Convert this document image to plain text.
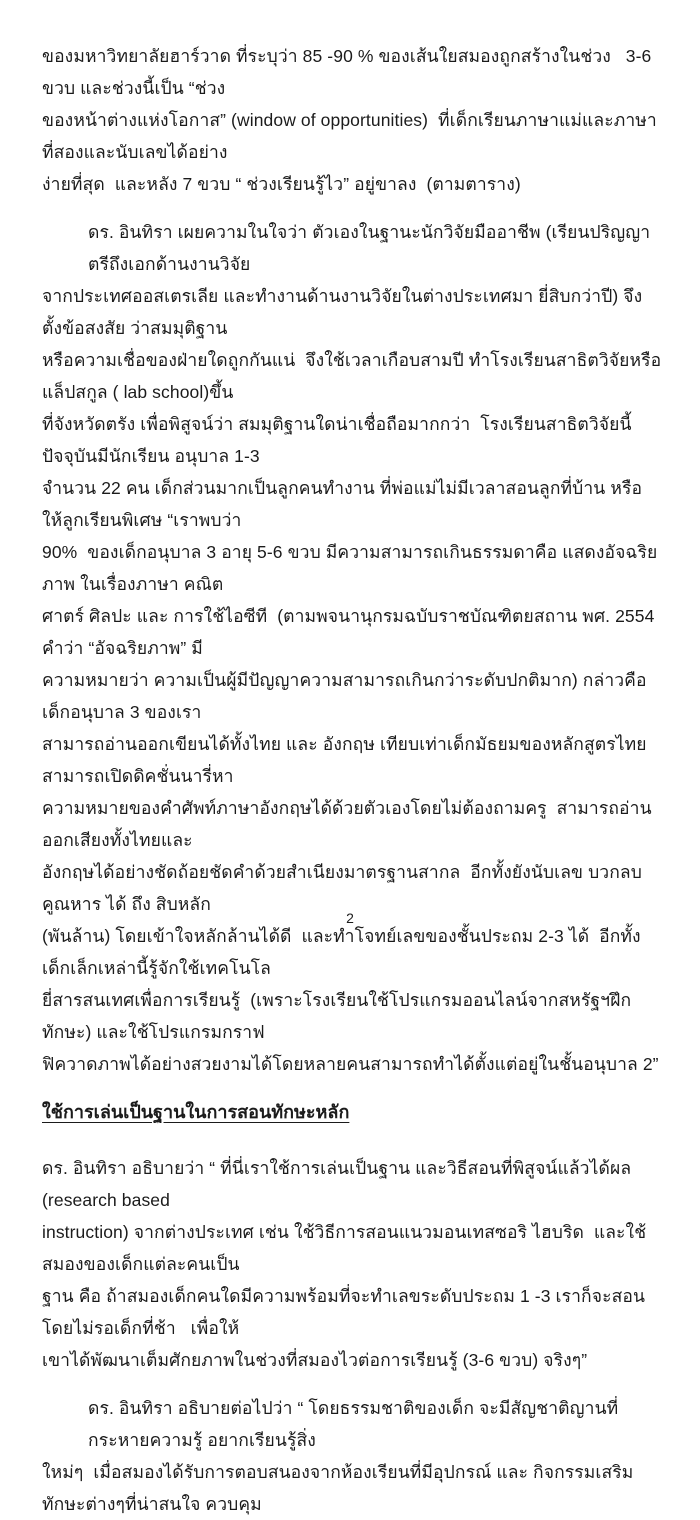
ของมหาวิทยาลัยฮาร์วาด ที่ระบุว่า 85 -90 % ของเส้นใยสมองถูกสร้างในช่วง   3-6 ขวบ และช่วงนี้เป็น “ช่วง
ของหน้าต่างแห่งโอกาส” (window of opportunities)  ที่เด็กเรียนภาษาแม่และภาษาที่สองและนับเลขได้อย่าง
ง่ายที่สุด  และหลัง 7 ขวบ “ ช่วงเรียนรู้ไว” อยู่ขาลง  (ตามตาราง)
ดร. อินทิรา เผยความในใจว่า ตัวเองในฐานะนักวิจัยมืออาชีพ (เรียนปริญญาตรีถึงเอกด้านงานวิจัย
จากประเทศออสเตรเลีย และทำงานด้านงานวิจัยในต่างประเทศมา ยี่สิบกว่าปี) จึงตั้งข้อสงสัย ว่าสมมุติฐาน
หรือความเชื่อของฝ่ายใดถูกกันแน่  จึงใช้เวลาเกือบสามปี ทำโรงเรียนสาธิตวิจัยหรือแล็ปสกูล ( lab school)ขึ้น
ที่จังหวัดตรัง เพื่อพิสูจน์ว่า สมมุติฐานใดน่าเชื่อถือมากกว่า  โรงเรียนสาธิตวิจัยนี้ปัจจุบันมีนักเรียน อนุบาล 1-3
จำนวน 22 คน เด็กส่วนมากเป็นลูกคนทำงาน ที่พ่อแม่ไม่มีเวลาสอนลูกที่บ้าน หรือให้ลูกเรียนพิเศษ “เราพบว่า
90%  ของเด็กอนุบาล 3 อายุ 5-6 ขวบ มีความสามารถเกินธรรมดาคือ แสดงอัจฉริยภาพ ในเรื่องภาษา คณิต
ศาตร์ ศิลปะ และ การใช้ไอซีที  (ตามพจนานุกรมฉบับราชบัณฑิตยสถาน พศ. 2554   คำว่า “อัจฉริยภาพ” มี
ความหมายว่า ความเป็นผู้มีปัญญาความสามารถเกินกว่าระดับปกติมาก) กล่าวคือ เด็กอนุบาล 3 ของเรา
สามารถอ่านออกเขียนได้ทั้งไทย และ อังกฤษ เทียบเท่าเด็กมัธยมของหลักสูตรไทย  สามารถเปิดดิคชั่นนารี่หา
ความหมายของคำศัพท์ภาษาอังกฤษได้ด้วยตัวเองโดยไม่ต้องถามครู  สามารถอ่านออกเสียงทั้งไทยและ
อังกฤษได้อย่างชัดถ้อยชัดคำด้วยสำเนียงมาตรฐานสากล  อีกทั้งยังนับเลข บวกลบ คูณหาร ได้ ถึง สิบหลัก
(พันล้าน) โดยเข้าใจหลักล้านได้ดี  และทำโจทย์เลขของชั้นประถม 2-3 ได้  อีกทั้งเด็กเล็กเหล่านี้รู้จักใช้เทคโนโล
ยี่สารสนเทศเพื่อการเรียนรู้  (เพราะโรงเรียนใช้โปรแกรมออนไลน์จากสหรัฐฯฝึกทักษะ) และใช้โปรแกรมกราฟ
ฟิควาดภาพได้อย่างสวยงามได้โดยหลายคนสามารถทำได้ตั้งแต่อยู่ในชั้นอนุบาล 2”
ใช้การเล่นเป็นฐานในการสอนทักษะหลัก
ดร. อินทิรา อธิบายว่า “ ที่นี่เราใช้การเล่นเป็นฐาน และวิธีสอนที่พิสูจน์แล้วได้ผล (research based
instruction) จากต่างประเทศ เช่น ใช้วิธีการสอนแนวมอนเทสซอริ ไฮบริด  และใช้สมองของเด็กแต่ละคนเป็น
ฐาน คือ ถ้าสมองเด็กคนใดมีความพร้อมที่จะทำเลขระดับประถม 1 -3 เราก็จะสอนโดยไม่รอเด็กที่ช้า   เพื่อให้
เขาได้พัฒนาเต็มศักยภาพในช่วงที่สมองไวต่อการเรียนรู้ (3-6 ขวบ) จริงๆ”
ดร. อินทิรา อธิบายต่อไปว่า “ โดยธรรมชาติของเด็ก จะมีสัญชาติญานที่กระหายความรู้ อยากเรียนรู้สิ่ง
ใหม่ๆ  เมื่อสมองได้รับการตอบสนองจากห้องเรียนที่มีอุปกรณ์ และ กิจกรรมเสริมทักษะต่างๆที่น่าสนใจ ควบคุม
2
